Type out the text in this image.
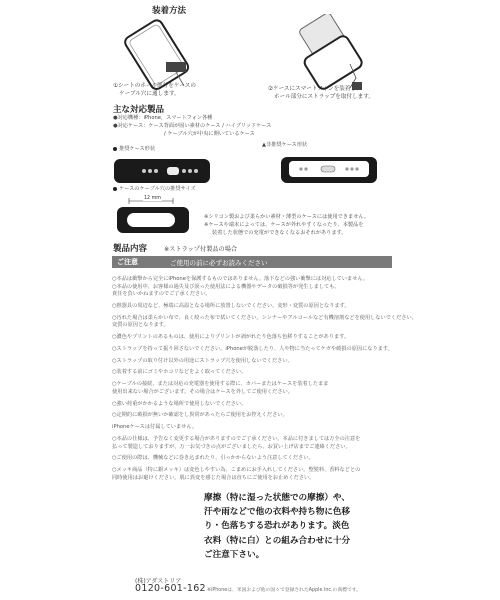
装着方法
①シートのホール部分をケースの
ケーブル穴に通します。
②ケースにスマートフォンを装着し、
ホール部分にストラップを取付します。
主な対応製品
●対応機種：iPhone，スマートフォン各種
●対応ケース：ケース背面が固い素材のケース / ハイブリッドケース
/ ケーブル穴が中央に開いているケース
推奨ケース形状
▲非推奨ケース形状
ケースのケーブル穴の推奨サイズ
12 mm
※シリコン製および柔らかい素材・薄型のケースには使用できません。
※ケースや端末によっては、ケースが外れやすくなったり、本製品を
装着した状態での充電ができなくなるおそれがあります。
製品内容	※ストラップ付製品の場合
ご注意	ご使用の前に必ずお読みください
○本品は衝撃から完全にiPhoneを保護するものではありません。落下などの強い衝撃には対応していません。
○本品の使用中、お客様の過失及び誤った使用法による機器やデータの破損等が発生しましても、
責任を負いかねますのでご了承ください。
○熱器具の周辺など、極端に高温となる場所に放置しないでください。変形・変質の原因となります。
○汚れた場合は柔らかい布で、良く絞った布で拭いてください。シンナーやアルコールなど有機溶剤などを使用しないでください。
変質の原因となります。
○濃色やプリントのあるものは、使用によりプリントが剥がれたり色落ち色移りすることがあります。
○ストラップを持って振り回さないでください。iPhoneが脱落したり、人や物に当たってケガや破損の原因になります。
○ストラップの取り付け以外の用途にストラップ穴を使用しないでください。
○装着する前にゴミやホコリなどをよく取ってください。
○ケーブルの接続、または対応の充電器を使用する際に、カバーまたはケースを装着したまま
使用出来ない場合がございます。その場合はケースを外してご使用ください。
○強い荷重がかかるような場所で使用しないでください。
○定期的に破損が無いか確認をし異常があったらご使用をお控えください。
iPhoneケースは付属していません。
○本品の仕様は、予告なく変更する場合がありますのでご了承ください。本品に付きましては万全の注意を
払って製造しておりますが、万一お気づきの点がございましたら、お買い上げ店までご連絡ください。
○ご使用の際は、機械などに巻き込まれたり、引っかからないよう注意してください。
○メッキ商品（特に銀メッキ）は変色しやすい為、こまめにお手入れしてください。整髪料、香料などとの
同時使用はお避けください。肌に異変を感じた場合は直ちにご使用をお止めください。
摩擦（特に湿った状態での摩擦）や、
汗や雨などで他の衣料や持ち物に色移
り・色落ちする恐れがあります。淡色
衣料（特に白）との組み合わせに十分
ご注意下さい。
(株)アダストリア
0120-601-162 ※iPhoneは、米国および他の国々で登録されたApple Inc.の商標です。
